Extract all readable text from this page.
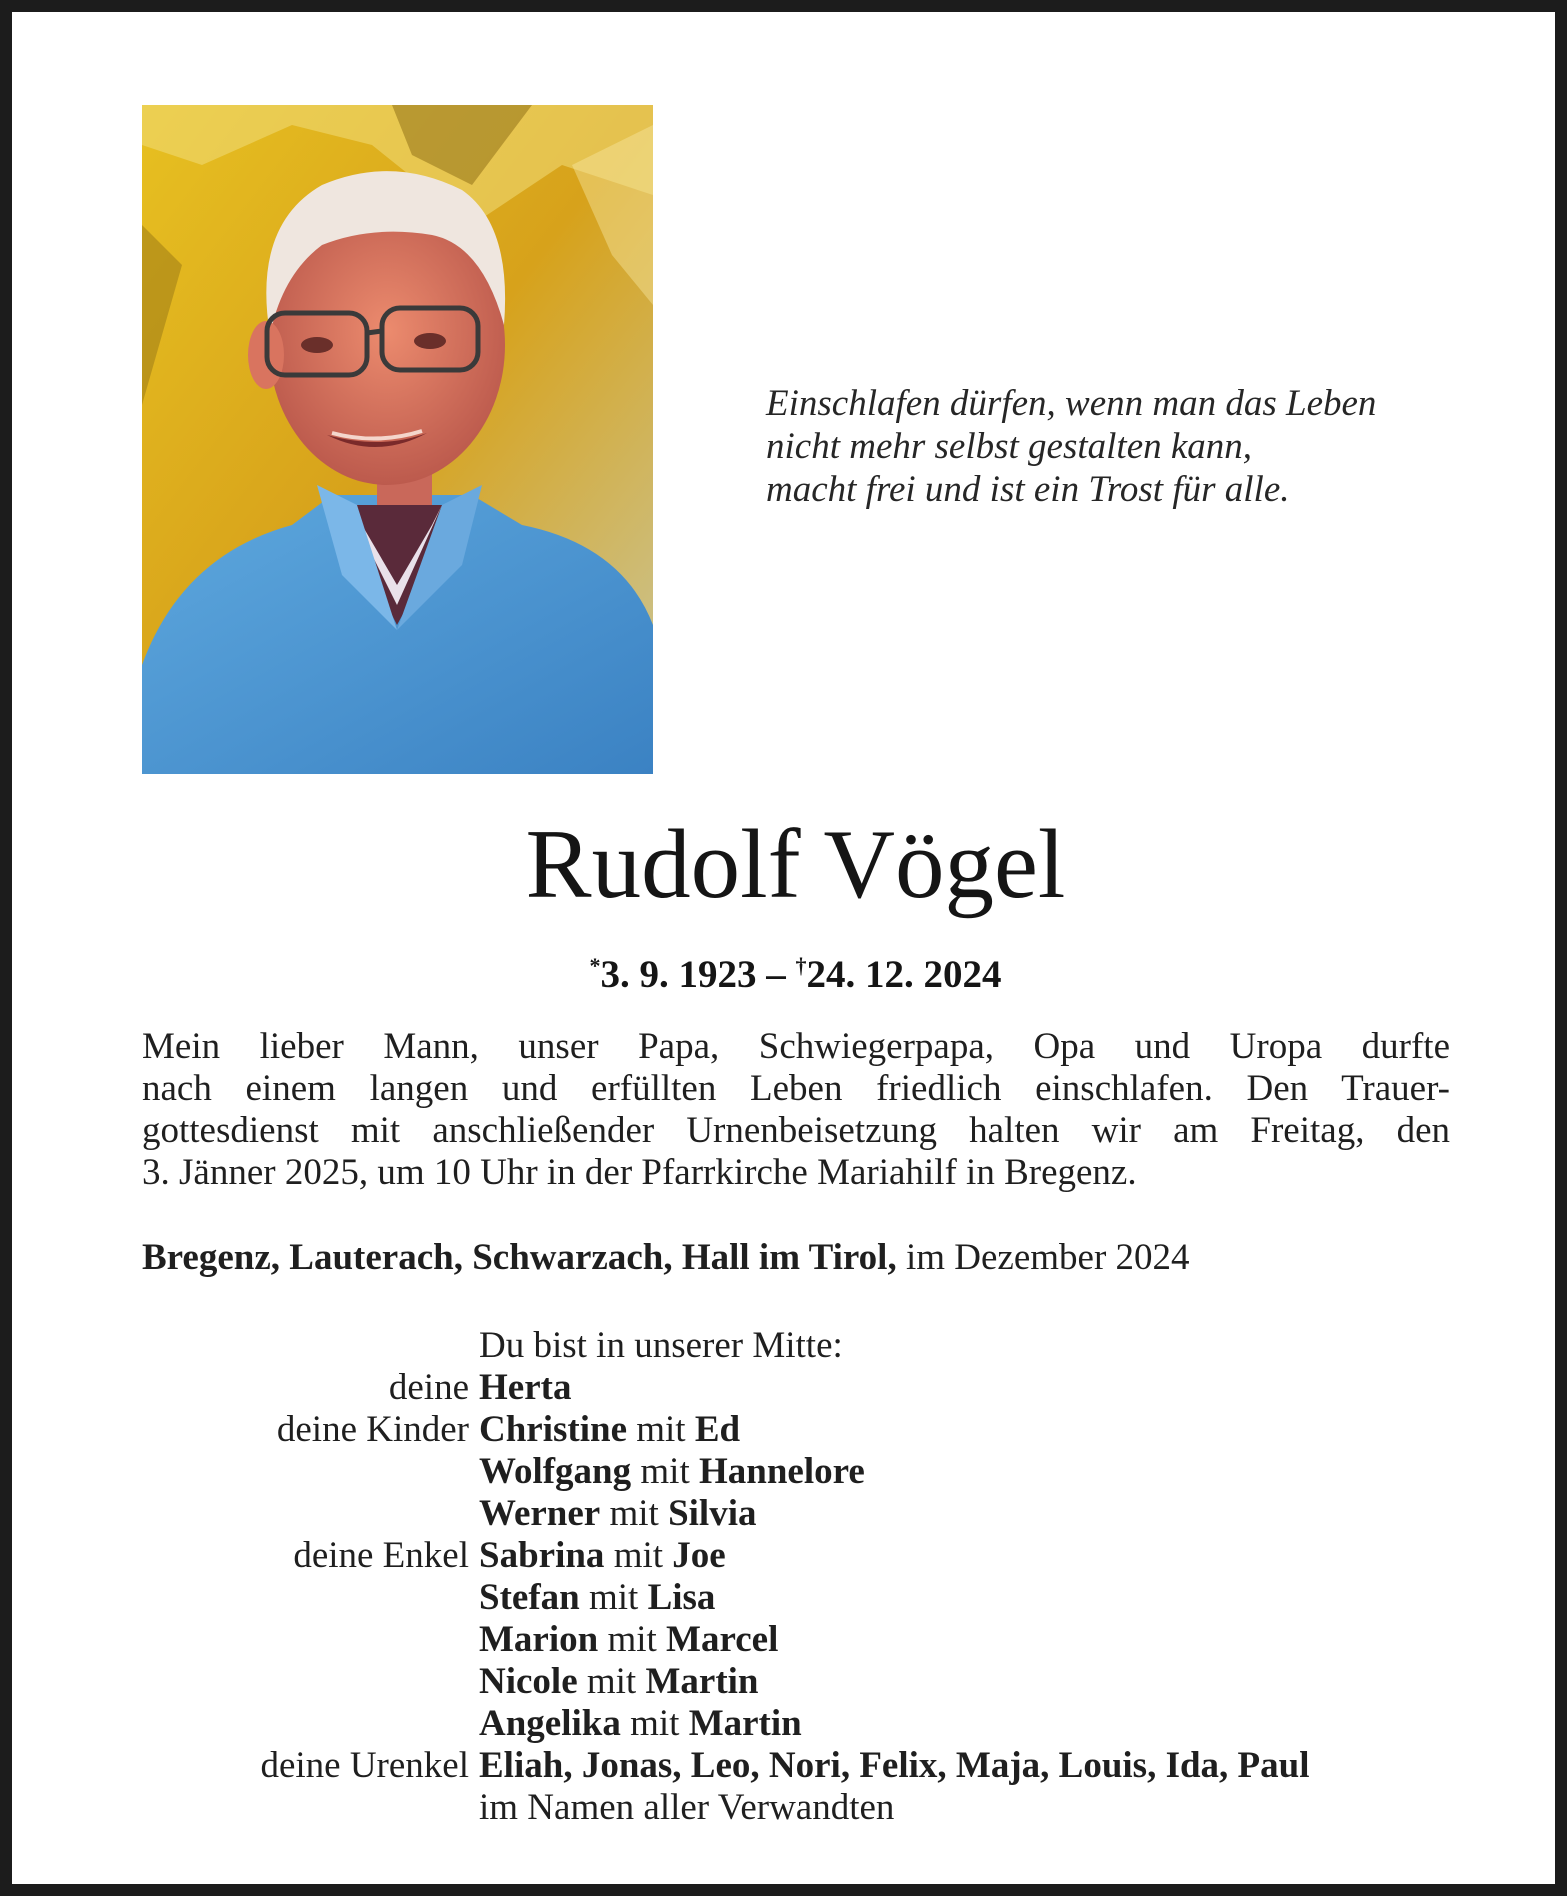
Einschlafen dürfen, wenn man das Leben
nicht mehr selbst gestalten kann,
macht frei und ist ein Trost für alle.
Rudolf Vögel
*3. 9. 1923 – †24. 12. 2024
Mein lieber Mann, unser Papa, Schwiegerpapa, Opa und Uropa durfte
nach einem langen und erfüllten Leben friedlich einschlafen. Den Trauer-
gottesdienst mit anschließender Urnenbeisetzung halten wir am Freitag, den
3. Jänner 2025, um 10 Uhr in der Pfarrkirche Mariahilf in Bregenz.
Bregenz, Lauterach, Schwarzach, Hall im Tirol, im Dezember 2024
Du bist in unserer Mitte:
deine Herta
deine Kinder Christine mit Ed
Wolfgang mit Hannelore
Werner mit Silvia
deine Enkel Sabrina mit Joe
Stefan mit Lisa
Marion mit Marcel
Nicole mit Martin
Angelika mit Martin
deine Urenkel Eliah, Jonas, Leo, Nori, Felix, Maja, Louis, Ida, Paul
im Namen aller Verwandten
